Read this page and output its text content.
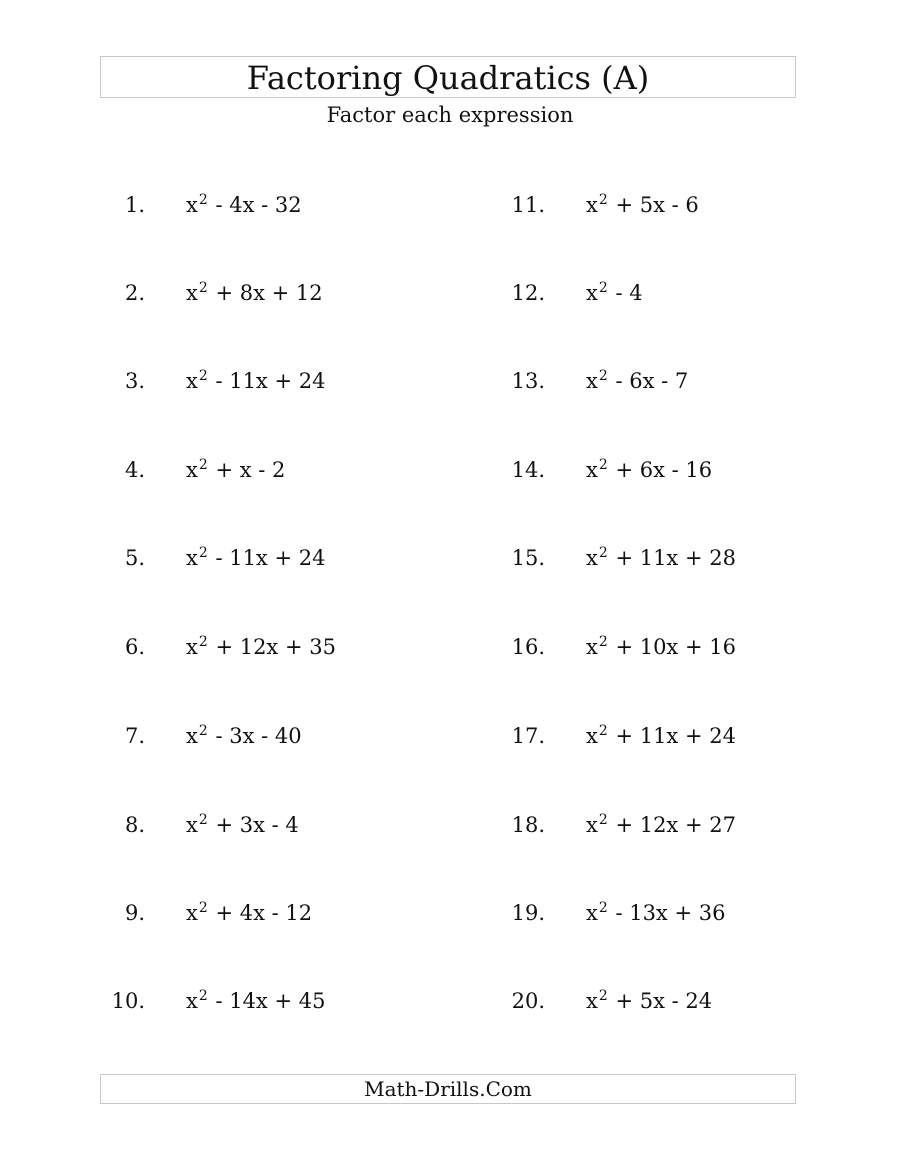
Factoring Quadratics (A)
Factor each expression
1. $x^2 - 4x - 32$
2. $x^2 + 8x + 12$
3. $x^2 - 11x + 24$
4. $x^2 + x - 2$
5. $x^2 - 11x + 24$
6. $x^2 + 12x + 35$
7. $x^2 - 3x - 40$
8. $x^2 + 3x - 4$
9. $x^2 + 4x - 12$
10. $x^2 - 14x + 45$
11. $x^2 + 5x - 6$
12. $x^2 - 4$
13. $x^2 - 6x - 7$
14. $x^2 + 6x - 16$
15. $x^2 + 11x + 28$
16. $x^2 + 10x + 16$
17. $x^2 + 11x + 24$
18. $x^2 + 12x + 27$
19. $x^2 - 13x + 36$
20. $x^2 + 5x - 24$
Math-Drills.Com
